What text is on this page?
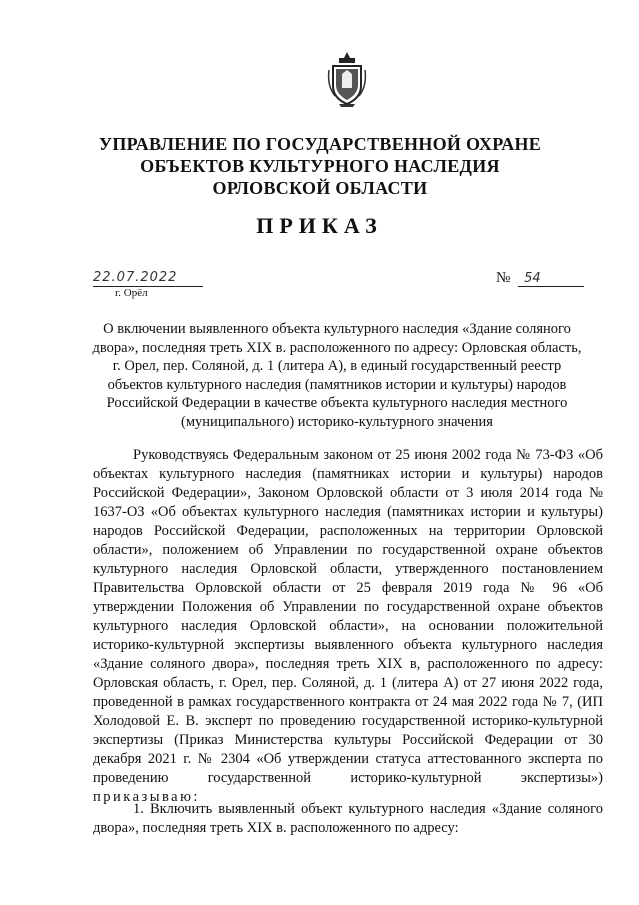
УПРАВЛЕНИЕ ПО ГОСУДАРСТВЕННОЙ ОХРАНЕ
ОБЪЕКТОВ КУЛЬТУРНОГО НАСЛЕДИЯ
ОРЛОВСКОЙ ОБЛАСТИ
ПРИКАЗ
22.07.2022
г. Орёл
№ 54

О включении выявленного объекта культурного наследия «Здание соляного двора», последняя треть XIX в. расположенного по адресу: Орловская область, г. Орел, пер. Соляной, д. 1 (литера А), в единый государственный реестр объектов культурного наследия (памятников истории и культуры) народов Российской Федерации в качестве объекта культурного наследия местного (муниципального) историко-культурного значения

Руководствуясь Федеральным законом от 25 июня 2002 года № 73-ФЗ «Об объектах культурного наследия (памятниках истории и культуры) народов Российской Федерации», Законом Орловской области от 3 июля 2014 года № 1637-ОЗ «Об объектах культурного наследия (памятниках истории и культуры) народов Российской Федерации, расположенных на территории Орловской области», положением об Управлении по государственной охране объектов культурного наследия Орловской области, утвержденного постановлением Правительства Орловской области от 25 февраля 2019 года № 96 «Об утверждении Положения об Управлении по государственной охране объектов культурного наследия Орловской области», на основании положительной историко-культурной экспертизы выявленного объекта культурного наследия «Здание соляного двора», последняя треть XIX в, расположенного по адресу: Орловская область, г. Орел, пер. Соляной, д. 1 (литера А) от 27 июня 2022 года, проведенной в рамках государственного контракта от 24 мая 2022 года № 7, (ИП Холодовой Е. В. эксперт по проведению государственной историко-культурной экспертизы (Приказ Министерства культуры Российской Федерации от 30 декабря 2021 г. № 2304 «Об утверждении статуса аттестованного эксперта по проведению государственной историко-культурной экспертизы») приказываю:

1. Включить выявленный объект культурного наследия «Здание соляного двора», последняя треть XIX в. расположенного по адресу:
